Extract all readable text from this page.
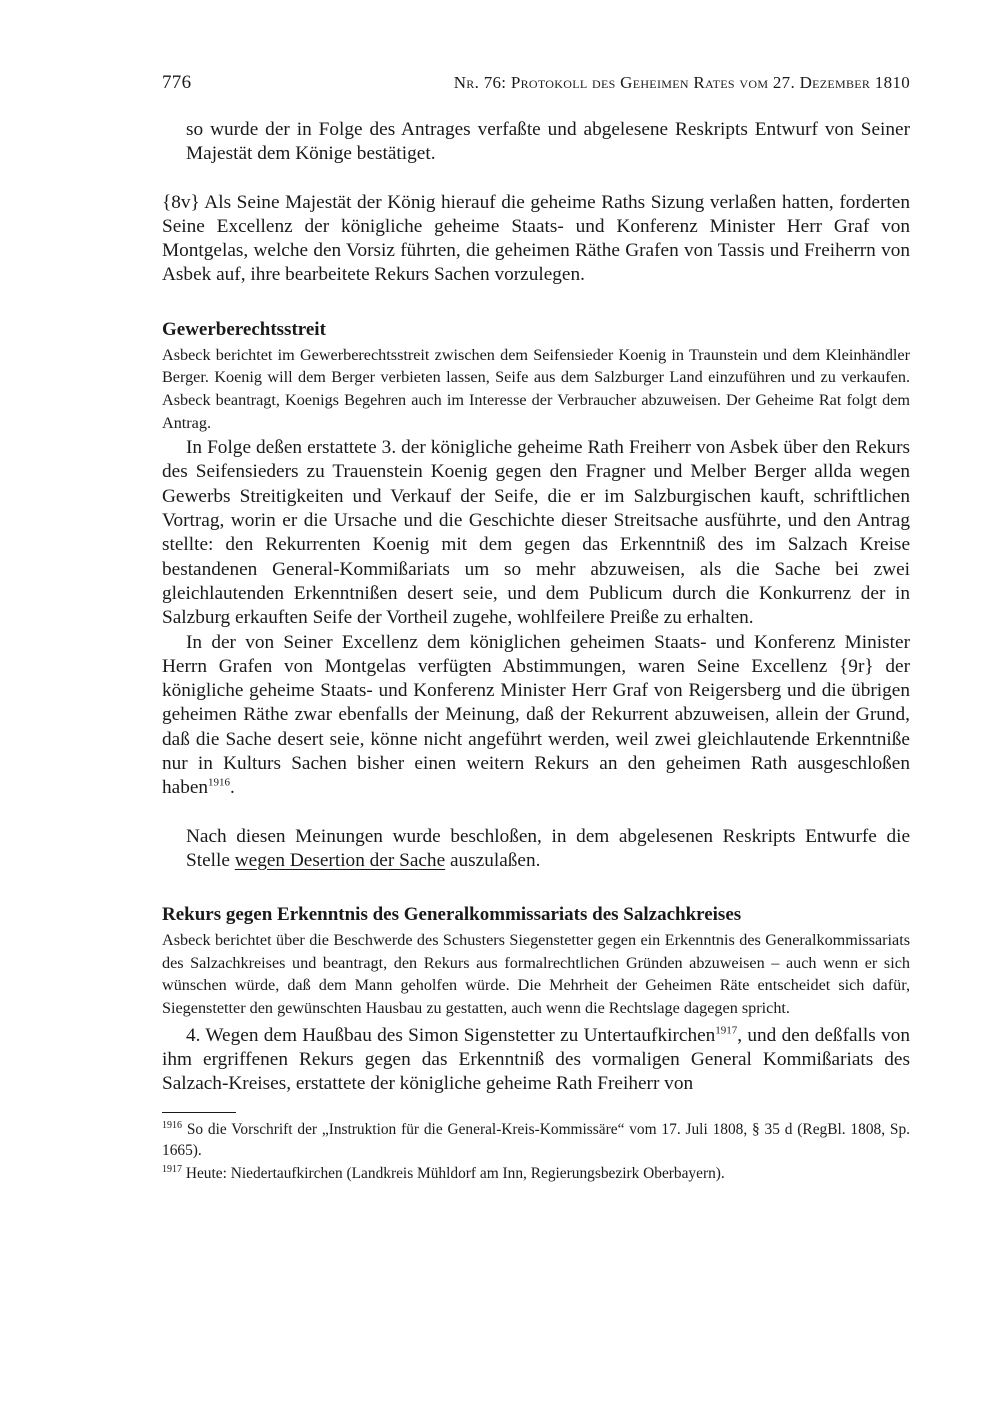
776	Nr. 76: Protokoll des Geheimen Rates vom 27. Dezember 1810

so wurde der in Folge des Antrages verfaßte und abgelesene Reskripts Entwurf von Seiner Majestät dem Könige bestätiget.

{8v} Als Seine Majestät der König hierauf die geheime Raths Sizung verlaßen hatten, forderten Seine Excellenz der königliche geheime Staats- und Konferenz Minister Herr Graf von Montgelas, welche den Vorsiz führten, die geheimen Räthe Grafen von Tassis und Freiherrn von Asbek auf, ihre bearbeitete Rekurs Sachen vorzulegen.

Gewerberechtsstreit

Asbeck berichtet im Gewerberechtsstreit zwischen dem Seifensieder Koenig in Traunstein und dem Kleinhändler Berger. Koenig will dem Berger verbieten lassen, Seife aus dem Salzburger Land einzuführen und zu verkaufen. Asbeck beantragt, Koenigs Begehren auch im Interesse der Verbraucher abzuweisen. Der Geheime Rat folgt dem Antrag.

In Folge deßen erstattete 3. der königliche geheime Rath Freiherr von Asbek über den Rekurs des Seifensieders zu Trauenstein Koenig gegen den Fragner und Melber Berger allda wegen Gewerbs Streitigkeiten und Verkauf der Seife, die er im Salzburgischen kauft, schriftlichen Vortrag, worin er die Ursache und die Geschichte dieser Streitsache ausführte, und den Antrag stellte: den Rekurrenten Koenig mit dem gegen das Erkenntniß des im Salzach Kreise bestandenen General-Kommißariats um so mehr abzuweisen, als die Sache bei zwei gleichlautenden Erkenntnißen desert seie, und dem Publicum durch die Konkurrenz der in Salzburg erkauften Seife der Vortheil zugehe, wohlfeilere Preiße zu erhalten.

In der von Seiner Excellenz dem königlichen geheimen Staats- und Konferenz Minister Herrn Grafen von Montgelas verfügten Abstimmungen, waren Seine Excellenz {9r} der königliche geheime Staats- und Konferenz Minister Herr Graf von Reigersberg und die übrigen geheimen Räthe zwar ebenfalls der Meinung, daß der Rekurrent abzuweisen, allein der Grund, daß die Sache desert seie, könne nicht angeführt werden, weil zwei gleichlautende Erkenntniße nur in Kulturs Sachen bisher einen weitern Rekurs an den geheimen Rath ausgeschloßen haben$^{1916}$.

Nach diesen Meinungen wurde beschloßen, in dem abgelesenen Reskripts Entwurfe die Stelle wegen Desertion der Sache auszulaßen.

Rekurs gegen Erkenntnis des Generalkommissariats des Salzachkreises

Asbeck berichtet über die Beschwerde des Schusters Siegenstetter gegen ein Erkenntnis des Generalkommissariats des Salzachkreises und beantragt, den Rekurs aus formalrechtlichen Gründen abzuweisen – auch wenn er sich wünschen würde, daß dem Mann geholfen würde. Die Mehrheit der Geheimen Räte entscheidet sich dafür, Siegenstetter den gewünschten Hausbau zu gestatten, auch wenn die Rechtslage dagegen spricht.

4. Wegen dem Haußbau des Simon Sigenstetter zu Untertaufkirchen$^{1917}$, und den deßfalls von ihm ergriffenen Rekurs gegen das Erkenntniß des vormaligen General Kommißariats des Salzach-Kreises, erstattete der königliche geheime Rath Freiherr von

$^{1916}$ So die Vorschrift der „Instruktion für die General-Kreis-Kommissäre“ vom 17. Juli 1808, § 35 d (RegBl. 1808, Sp. 1665).

$^{1917}$ Heute: Niedertaufkirchen (Landkreis Mühldorf am Inn, Regierungsbezirk Oberbayern).
